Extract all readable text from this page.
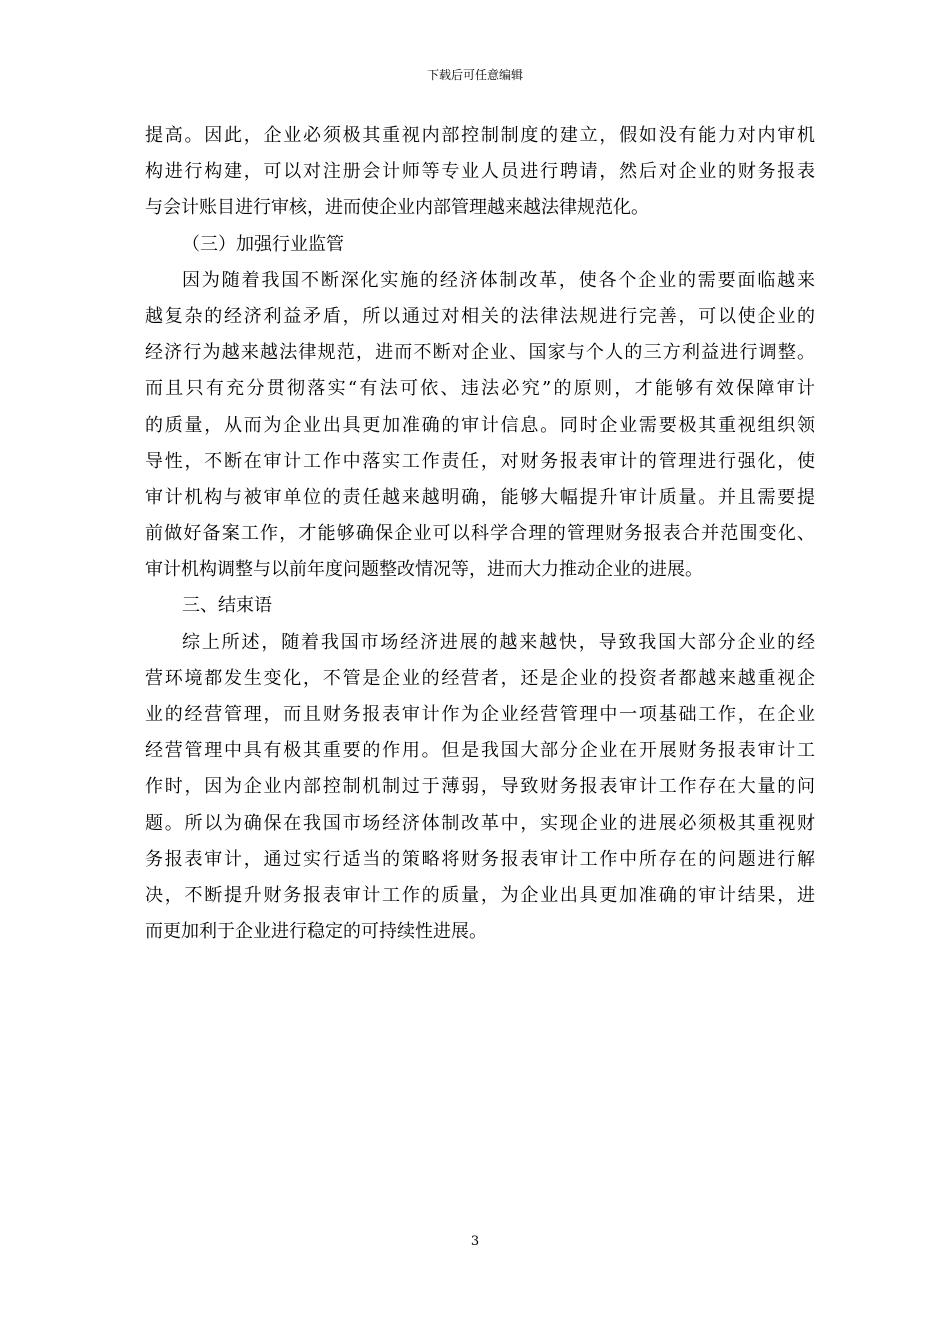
下载后可任意编辑
提高。因此，企业必须极其重视内部控制制度的建立，假如没有能力对内审机
构进行构建，可以对注册会计师等专业人员进行聘请，然后对企业的财务报表
与会计账目进行审核，进而使企业内部管理越来越法律规范化。
（三）加强行业监管
因为随着我国不断深化实施的经济体制改革，使各个企业的需要面临越来
越复杂的经济利益矛盾，所以通过对相关的法律法规进行完善，可以使企业的
经济行为越来越法律规范，进而不断对企业、国家与个人的三方利益进行调整。
而且只有充分贯彻落实“有法可依、违法必究”的原则，才能够有效保障审计
的质量，从而为企业出具更加准确的审计信息。同时企业需要极其重视组织领
导性，不断在审计工作中落实工作责任，对财务报表审计的管理进行强化，使
审计机构与被审单位的责任越来越明确，能够大幅提升审计质量。并且需要提
前做好备案工作，才能够确保企业可以科学合理的管理财务报表合并范围变化、
审计机构调整与以前年度问题整改情况等，进而大力推动企业的进展。
三、结束语
综上所述，随着我国市场经济进展的越来越快，导致我国大部分企业的经
营环境都发生变化，不管是企业的经营者，还是企业的投资者都越来越重视企
业的经营管理，而且财务报表审计作为企业经营管理中一项基础工作，在企业
经营管理中具有极其重要的作用。但是我国大部分企业在开展财务报表审计工
作时，因为企业内部控制机制过于薄弱，导致财务报表审计工作存在大量的问
题。所以为确保在我国市场经济体制改革中，实现企业的进展必须极其重视财
务报表审计，通过实行适当的策略将财务报表审计工作中所存在的问题进行解
决，不断提升财务报表审计工作的质量，为企业出具更加准确的审计结果，进
而更加利于企业进行稳定的可持续性进展。
3
